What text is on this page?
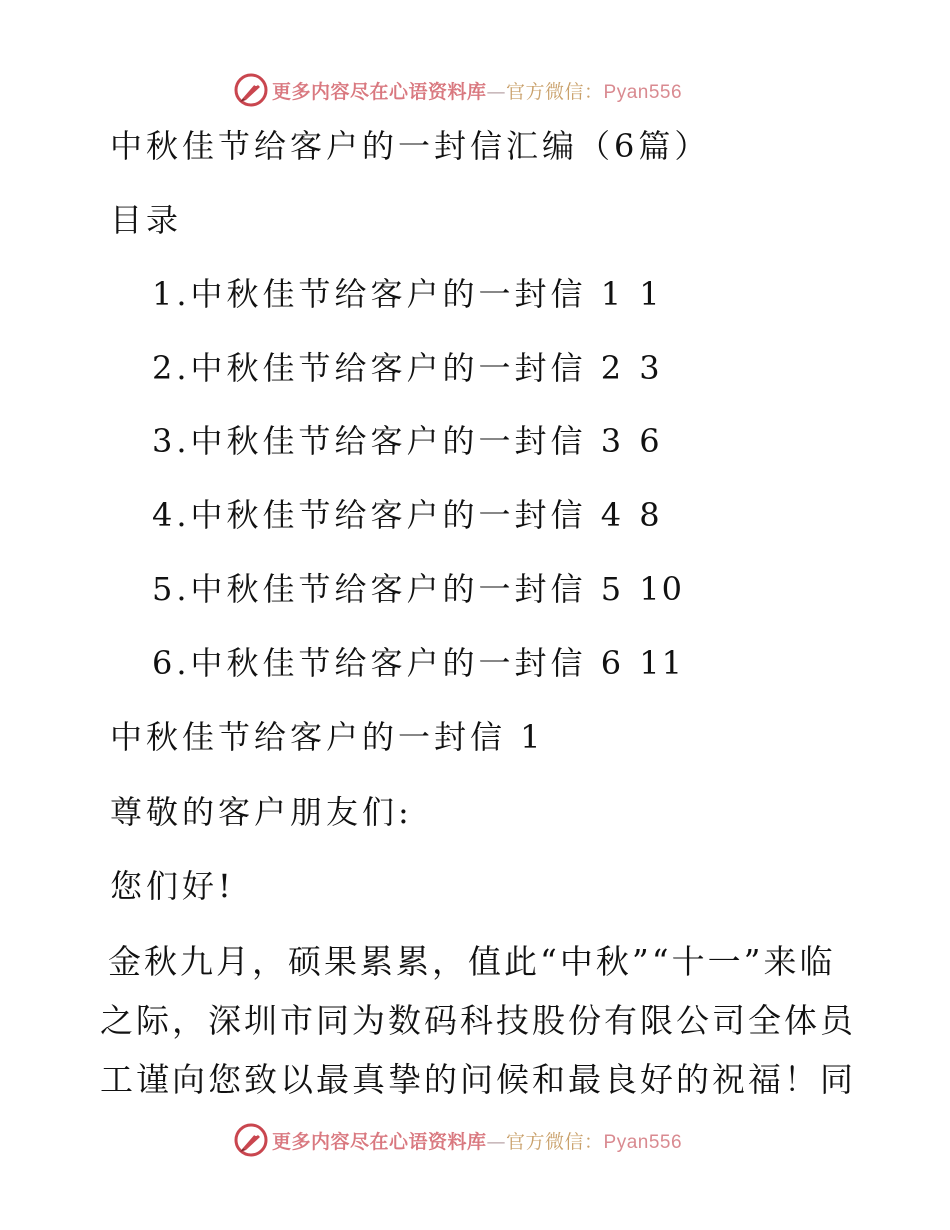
更多内容尽在心语资料库—官方微信：Pyan556
中秋佳节给客户的一封信汇编（6篇）
目录
1.中秋佳节给客户的一封信 1 1
2.中秋佳节给客户的一封信 2 3
3.中秋佳节给客户的一封信 3 6
4.中秋佳节给客户的一封信 4 8
5.中秋佳节给客户的一封信 5 10
6.中秋佳节给客户的一封信 6 11
中秋佳节给客户的一封信 1
尊敬的客户朋友们:
您们好!

金秋九月，硕果累累，值此“中秋”“十一”来临之际，深圳市同为数码科技股份有限公司全体员工谨向您致以最真挚的问候和最良好的祝福！同

更多内容尽在心语资料库—官方微信：Pyan556
